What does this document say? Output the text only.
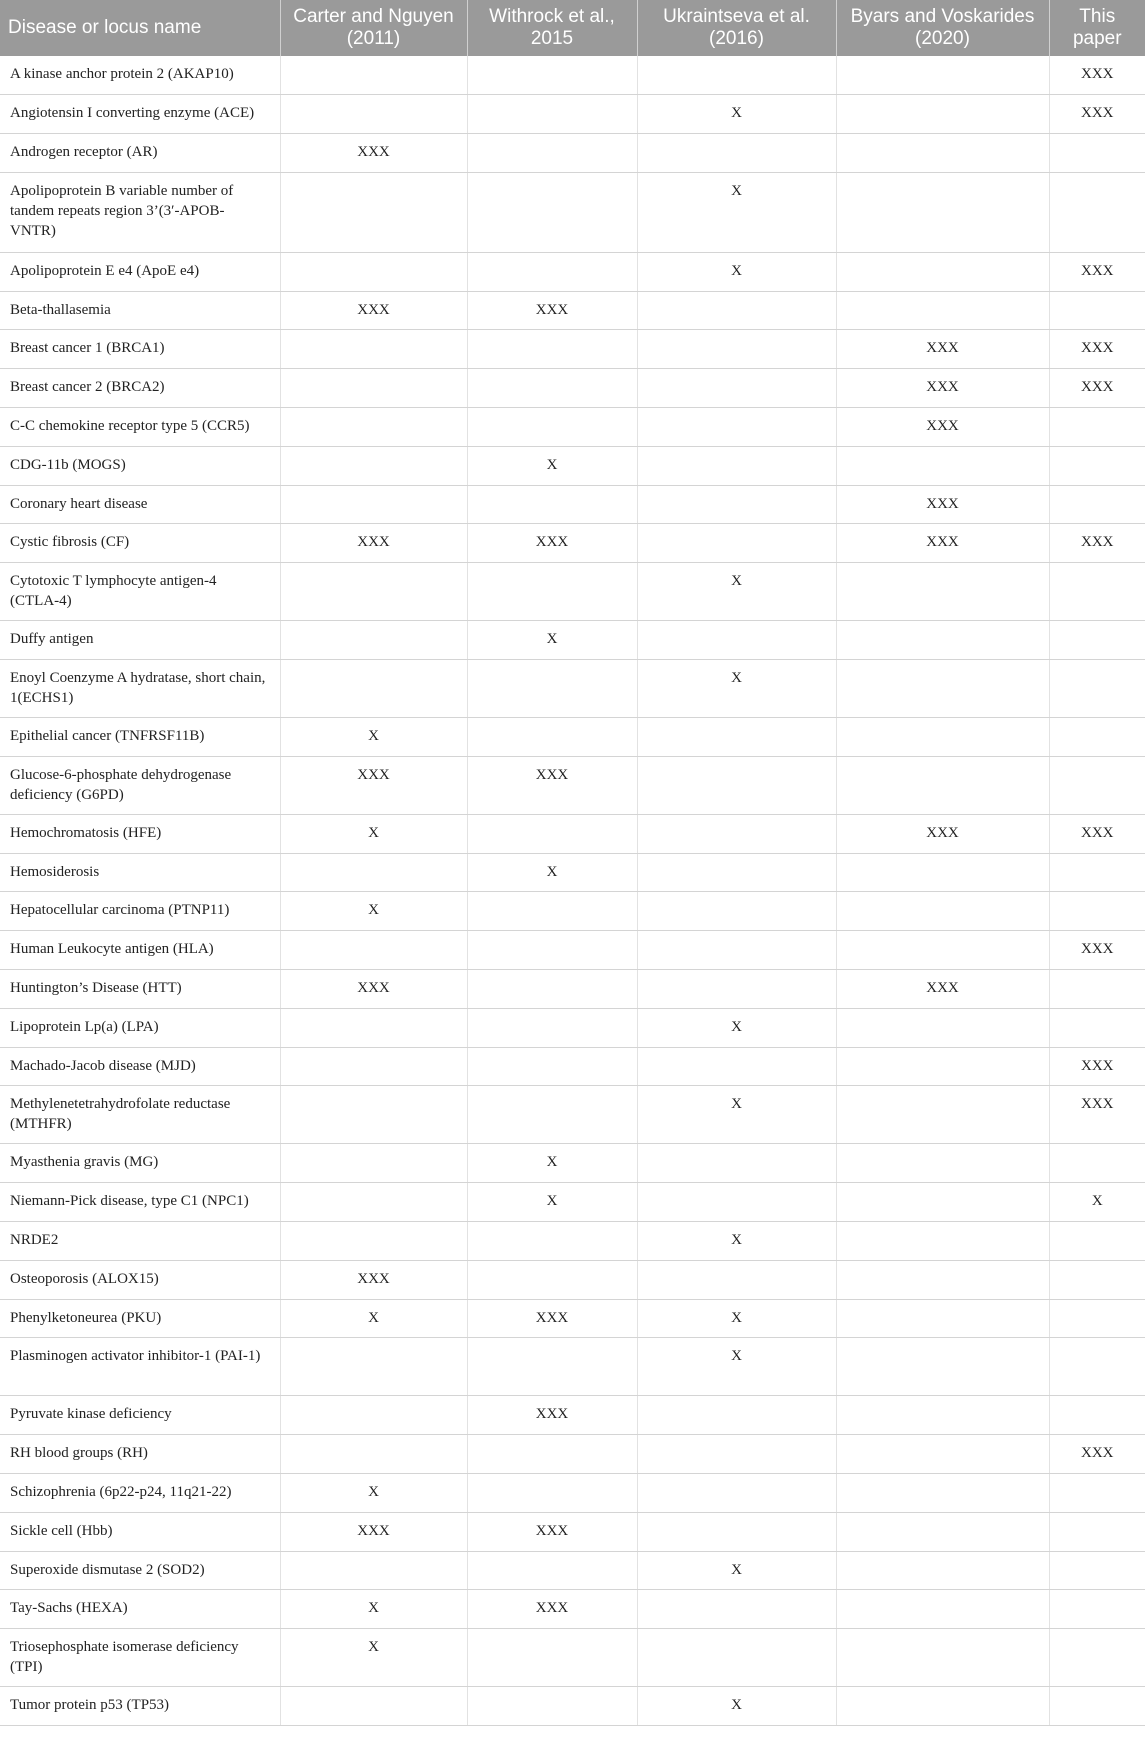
Disease or locus name	Carter and Nguyen (2011)	Withrock et al., 2015	Ukraintseva et al. (2016)	Byars and Voskarides (2020)	This paper
A kinase anchor protein 2 (AKAP10)					XXX
Angiotensin I converting enzyme (ACE)			X		XXX
Androgen receptor (AR)	XXX				
Apolipoprotein B variable number of tandem repeats region 3’(3′-APOB-VNTR)			X		
Apolipoprotein E e4 (ApoE e4)			X		XXX
Beta-thallasemia	XXX	XXX			
Breast cancer 1 (BRCA1)				XXX	XXX
Breast cancer 2 (BRCA2)				XXX	XXX
C-C chemokine receptor type 5 (CCR5)				XXX	
CDG-11b (MOGS)		X			
Coronary heart disease				XXX	
Cystic fibrosis (CF)	XXX	XXX		XXX	XXX
Cytotoxic T lymphocyte antigen-4 (CTLA-4)			X		
Duffy antigen		X			
Enoyl Coenzyme A hydratase, short chain, 1(ECHS1)			X		
Epithelial cancer (TNFRSF11B)	X				
Glucose-6-phosphate dehydrogenase deficiency (G6PD)	XXX	XXX			
Hemochromatosis (HFE)	X			XXX	XXX
Hemosiderosis		X			
Hepatocellular carcinoma (PTNP11)	X				
Human Leukocyte antigen (HLA)					XXX
Huntington’s Disease (HTT)	XXX			XXX	
Lipoprotein Lp(a) (LPA)			X		
Machado-Jacob disease (MJD)					XXX
Methylenetetrahydrofolate reductase (MTHFR)			X		XXX
Myasthenia gravis (MG)		X			
Niemann-Pick disease, type C1 (NPC1)		X			X
NRDE2			X		
Osteoporosis (ALOX15)	XXX				
Phenylketoneurea (PKU)	X	XXX	X		
Plasminogen activator inhibitor-1 (PAI-1)			X		
Pyruvate kinase deficiency		XXX			
RH blood groups (RH)					XXX
Schizophrenia (6p22-p24, 11q21-22)	X				
Sickle cell (Hbb)	XXX	XXX			
Superoxide dismutase 2 (SOD2)			X		
Tay-Sachs (HEXA)	X	XXX			
Triosephosphate isomerase deficiency (TPI)	X				
Tumor protein p53 (TP53)			X		
